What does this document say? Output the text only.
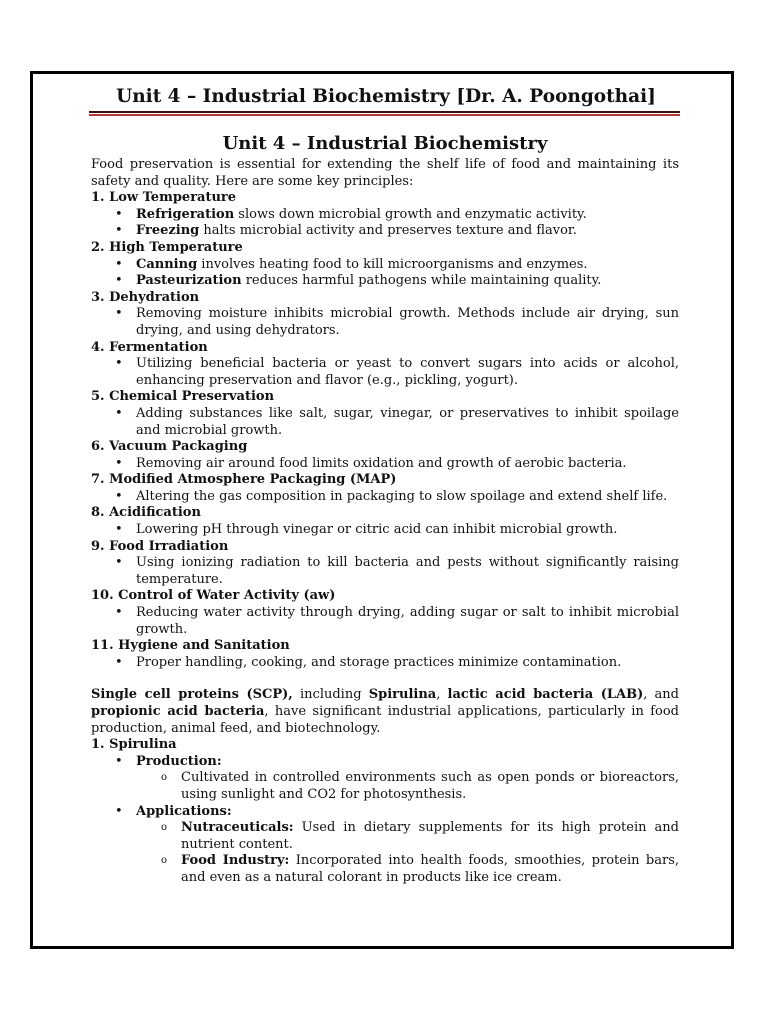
Unit 4 – Industrial Biochemistry [Dr. A. Poongothai]
Unit 4 – Industrial Biochemistry

Food preservation is essential for extending the shelf life of food and maintaining its safety and quality. Here are some key principles:

1. Low Temperature

• Refrigeration slows down microbial growth and enzymatic activity.
• Freezing halts microbial activity and preserves texture and flavor.

2. High Temperature

• Canning involves heating food to kill microorganisms and enzymes.
• Pasteurization reduces harmful pathogens while maintaining quality.

3. Dehydration

• Removing moisture inhibits microbial growth. Methods include air drying, sun drying, and using dehydrators.

4. Fermentation

• Utilizing beneficial bacteria or yeast to convert sugars into acids or alcohol, enhancing preservation and flavor (e.g., pickling, yogurt).

5. Chemical Preservation

• Adding substances like salt, sugar, vinegar, or preservatives to inhibit spoilage and microbial growth.

6. Vacuum Packaging

• Removing air around food limits oxidation and growth of aerobic bacteria.

7. Modified Atmosphere Packaging (MAP)

• Altering the gas composition in packaging to slow spoilage and extend shelf life.

8. Acidification

• Lowering pH through vinegar or citric acid can inhibit microbial growth.

9. Food Irradiation

• Using ionizing radiation to kill bacteria and pests without significantly raising temperature.

10. Control of Water Activity (aw)

• Reducing water activity through drying, adding sugar or salt to inhibit microbial growth.

11. Hygiene and Sanitation

• Proper handling, cooking, and storage practices minimize contamination.

Single cell proteins (SCP), including Spirulina, lactic acid bacteria (LAB), and propionic acid bacteria, have significant industrial applications, particularly in food production, animal feed, and biotechnology.

1. Spirulina

• Production:
o Cultivated in controlled environments such as open ponds or bioreactors, using sunlight and CO2 for photosynthesis.
• Applications:
o Nutraceuticals: Used in dietary supplements for its high protein and nutrient content.
o Food Industry: Incorporated into health foods, smoothies, protein bars, and even as a natural colorant in products like ice cream.
